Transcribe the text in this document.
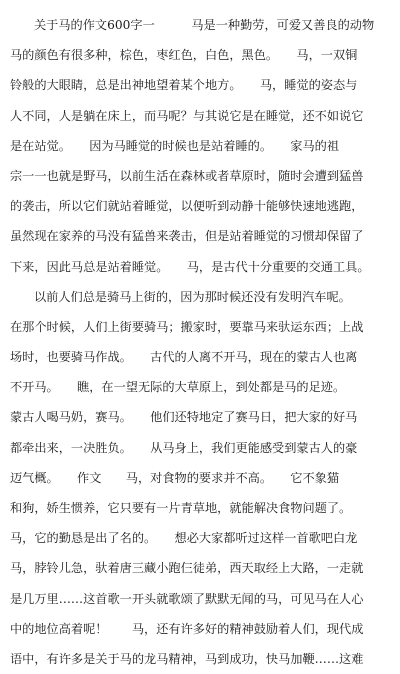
关于马的作文600字一　　　马是一种勤劳，可爱又善良的动物
马的颜色有很多种，棕色，枣红色，白色，黑色。　　马，一双铜
铃般的大眼睛，总是出神地望着某个地方。　　马，睡觉的姿态与
人不同，人是躺在床上，而马呢？与其说它是在睡觉，还不如说它
是在站觉。　　因为马睡觉的时候也是站着睡的。　　家马的祖
宗一一也就是野马，以前生活在森林或者草原时，随时会遭到猛兽
的袭击，所以它们就站着睡觉，以便听到动静十能够快速地逃跑，
虽然现在家养的马没有猛兽来袭击，但是站着睡觉的习惯却保留了
下来，因此马总是站着睡觉。　　马，是古代十分重要的交通工具。
以前人们总是骑马上街的，因为那时候还没有发明汽车呢。
在那个时候，人们上街要骑马；搬家时，要靠马来驮运东西；上战
场时，也要骑马作战。　　古代的人离不开马，现在的蒙古人也离
不开马。　　瞧，在一望无际的大草原上，到处都是马的足迹。
蒙古人喝马奶，赛马。　　他们还特地定了赛马日，把大家的好马
都牵出来，一决胜负。　　从马身上，我们更能感受到蒙古人的豪
迈气概。　　作文　　马，对食物的要求并不高。　　它不象猫
和狗，娇生惯养，它只要有一片青草地，就能解决食物问题了。
马，它的勤恳是出了名的。　　想必大家都听过这样一首歌吧白龙
马，脖铃儿急，驮着唐三藏小跑仨徒弟，西天取经上大路，一走就
是几万里……这首歌一开头就歌颂了默默无闻的马，可见马在人心
中的地位高着呢！　　马，还有许多好的精神鼓励着人们，现代成
语中，有许多是关于马的龙马精神，马到成功，快马加鞭……这难
